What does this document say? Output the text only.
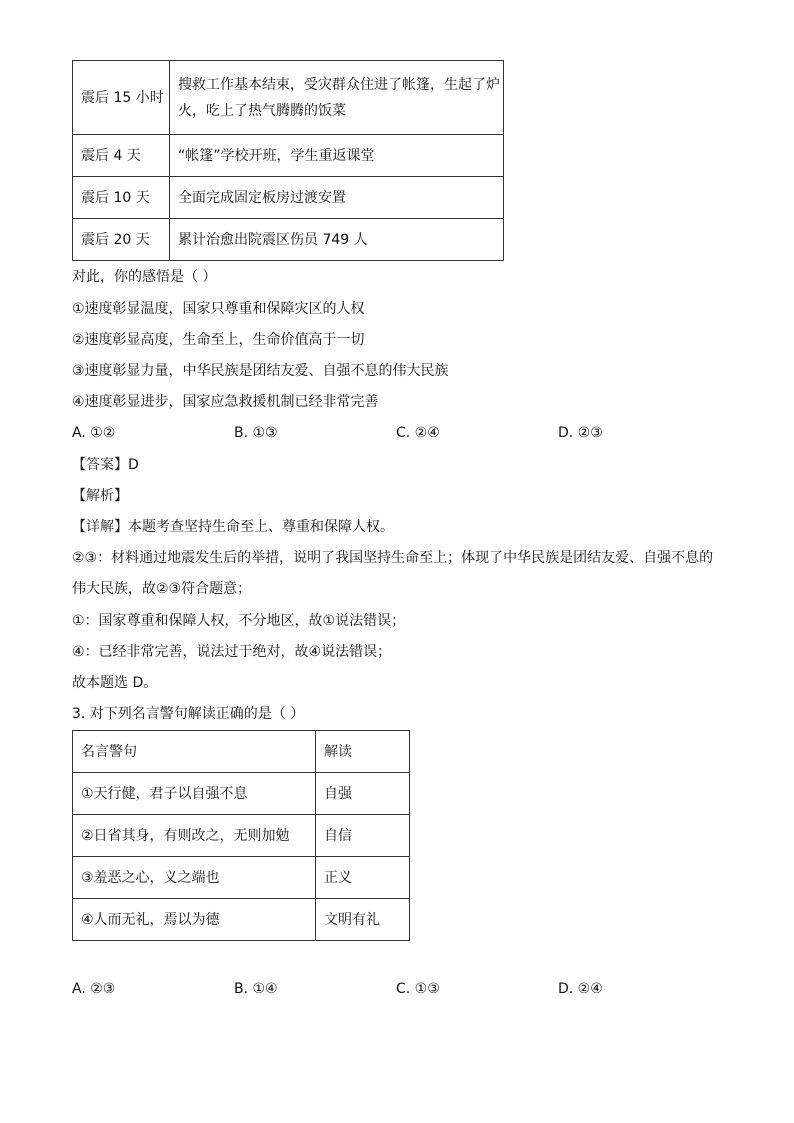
震后 15 小时	搜救工作基本结束，受灾群众住进了帐篷，生起了炉
火，吃上了热气腾腾的饭菜

震后 4 天	“帐篷”学校开班，学生重返课堂
震后 10 天	全面完成固定板房过渡安置
震后 20 天	累计治愈出院震区伤员 749 人
对此，你的感悟是（ ）
①速度彰显温度，国家只尊重和保障灾区的人权
②速度彰显高度，生命至上，生命价值高于一切
③速度彰显力量，中华民族是团结友爱、自强不息的伟大民族
④速度彰显进步，国家应急救援机制已经非常完善
A. ①②	B. ①③	C. ②④	D. ②③
【答案】D
【解析】
【详解】本题考查坚持生命至上、尊重和保障人权。
②③：材料通过地震发生后的举措，说明了我国坚持生命至上；体现了中华民族是团结友爱、自强不息的
伟大民族，故②③符合题意；
①：国家尊重和保障人权，不分地区，故①说法错误；
④：已经非常完善，说法过于绝对，故④说法错误；
故本题选 D。
3. 对下列名言警句解读正确的是（ ）
名言警句	解读
①天行健，君子以自强不息	自强
②日省其身，有则改之，无则加勉	自信
③羞恶之心，义之端也	正义
④人而无礼，焉以为德	文明有礼
A. ②③	B. ①④	C. ①③	D. ②④
